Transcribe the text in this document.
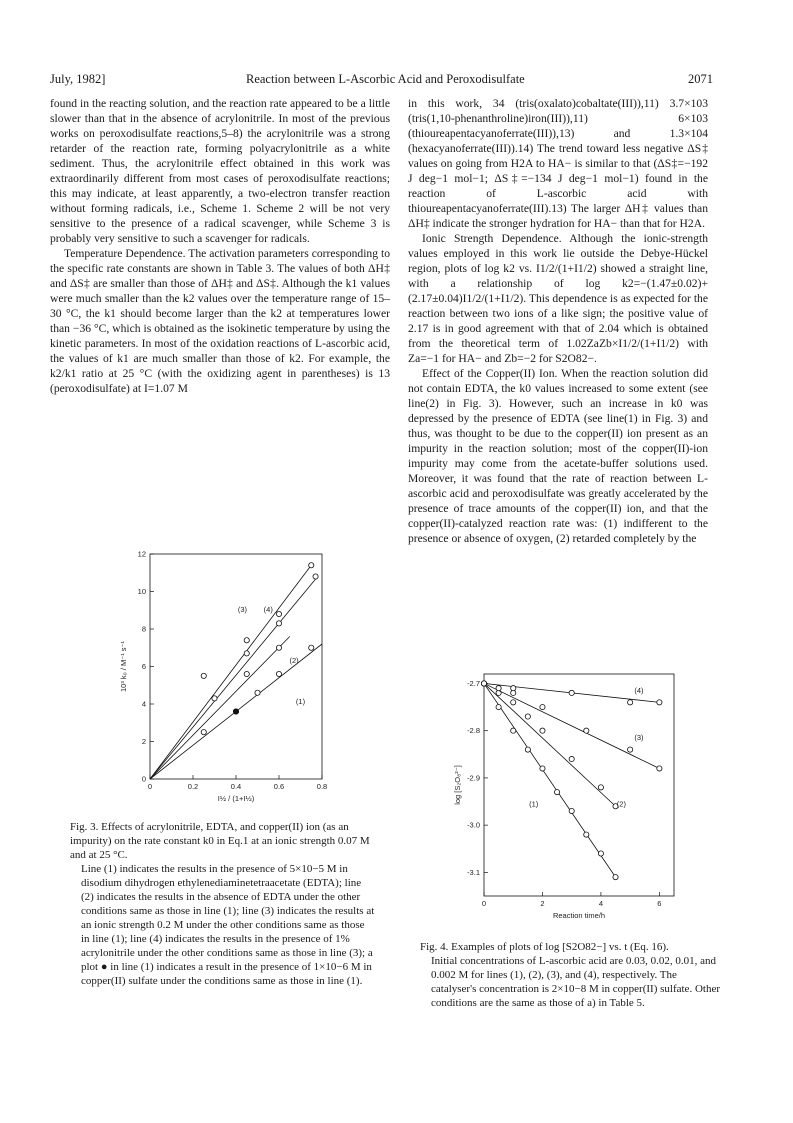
July, 1982]	Reaction between L-Ascorbic Acid and Peroxodisulfate	2071

found in the reacting solution, and the reaction rate appeared to be a little slower than that in the absence of acrylonitrile. In most of the previous works on peroxodisulfate reactions,5–8) the acrylonitrile was a strong retarder of the reaction rate, forming polyacrylonitrile as a white sediment. Thus, the acrylonitrile effect obtained in this work was extraordinarily different from most cases of peroxodisulfate reactions; this may indicate, at least apparently, a two-electron transfer reaction without forming radicals, i.e., Scheme 1. Scheme 2 will be not very sensitive to the presence of a radical scavenger, while Scheme 3 is probably very sensitive to such a scavenger for radicals.

Temperature Dependence. The activation parameters corresponding to the specific rate constants are shown in Table 3. The values of both ΔH‡ and ΔS‡ are smaller than those of ΔH‡ and ΔS‡. Although the k1 values were much smaller than the k2 values over the temperature range of 15–30 °C, the k1 should become larger than the k2 at temperatures lower than −36 °C, which is obtained as the isokinetic temperature by using the kinetic parameters. In most of the oxidation reactions of L-ascorbic acid, the values of k1 are much smaller than those of k2. For example, the k2/k1 ratio at 25 °C (with the oxidizing agent in parentheses) is 13 (peroxodisulfate) at I=1.07 M

in this work, 34 (tris(oxalato)cobaltate(III)),11) 3.7×103 (tris(1,10-phenanthroline)iron(III)),11) 6×103 (thioureapentacyanoferrate(III)),13) and 1.3×104 (hexacyanoferrate(III)).14) The trend toward less negative ΔS‡ values on going from H2A to HA− is similar to that (ΔS‡=−192 J deg−1 mol−1; ΔS‡=−134 J deg−1 mol−1) found in the reaction of L-ascorbic acid with thioureapentacyanoferrate(III).13) The larger ΔH‡ values than ΔH‡ indicate the stronger hydration for HA− than that for H2A.

Ionic Strength Dependence. Although the ionic-strength values employed in this work lie outside the Debye-Hückel region, plots of log k2 vs. I1/2/(1+I1/2) showed a straight line, with a relationship of log k2=−(1.47±0.02)+(2.17±0.04)I1/2/(1+I1/2). This dependence is as expected for the reaction between two ions of a like sign; the positive value of 2.17 is in good agreement with that of 2.04 which is obtained from the theoretical term of 1.02ZaZb×I1/2/(1+I1/2) with Za=−1 for HA− and Zb=−2 for S2O82−.

Effect of the Copper(II) Ion. When the reaction solution did not contain EDTA, the k0 values increased to some extent (see line(2) in Fig. 3). However, such an increase in k0 was depressed by the presence of EDTA (see line(1) in Fig. 3) and thus, was thought to be due to the copper(II) ion present as an impurity in the reaction solution; most of the copper(II)-ion impurity may come from the acetate-buffer solutions used. Moreover, it was found that the rate of reaction between L-ascorbic acid and peroxodisulfate was greatly accelerated by the presence of trace amounts of the copper(II) ion, and that the copper(II)-catalyzed reaction rate was: (1) indifferent to the presence or absence of oxygen, (2) retarded completely by the

0	0.2	0.4	0.6	0.8
0
2
4
6
8
10
12
I½ / (1+I½)
10³ k₀ / M⁻¹ s⁻¹
(1)
(2)
(3) (4)

Fig. 3. Effects of acrylonitrile, EDTA, and copper(II) ion (as an impurity) on the rate constant k0 in Eq.1 at an ionic strength 0.07 M and at 25 °C.

Line (1) indicates the results in the presence of 5×10−5 M in disodium dihydrogen ethylenediaminetetraacetate (EDTA); line (2) indicates the results in the absence of EDTA under the other conditions same as those in line (1); line (3) indicates the results at an ionic strength 0.2 M under the other conditions same as those in line (1); line (4) indicates the results in the presence of 1% acrylonitrile under the other conditions same as those in line (3); a plot ● in line (1) indicates a result in the presence of 1×10−6 M in copper(II) sulfate under the conditions same as those in line (1).

0	2	4	6
-2.7
-2.8
-2.9
-3.0
-3.1
Reaction time/h
log [S₂O₈²⁻]	(1)	(2)
(3)
(4)

Fig. 4. Examples of plots of log [S2O82−] vs. t (Eq. 16).

Initial concentrations of L-ascorbic acid are 0.03, 0.02, 0.01, and 0.002 M for lines (1), (2), (3), and (4), respectively. The catalyser's concentration is 2×10−8 M in copper(II) sulfate. Other conditions are the same as those of a) in Table 5.
